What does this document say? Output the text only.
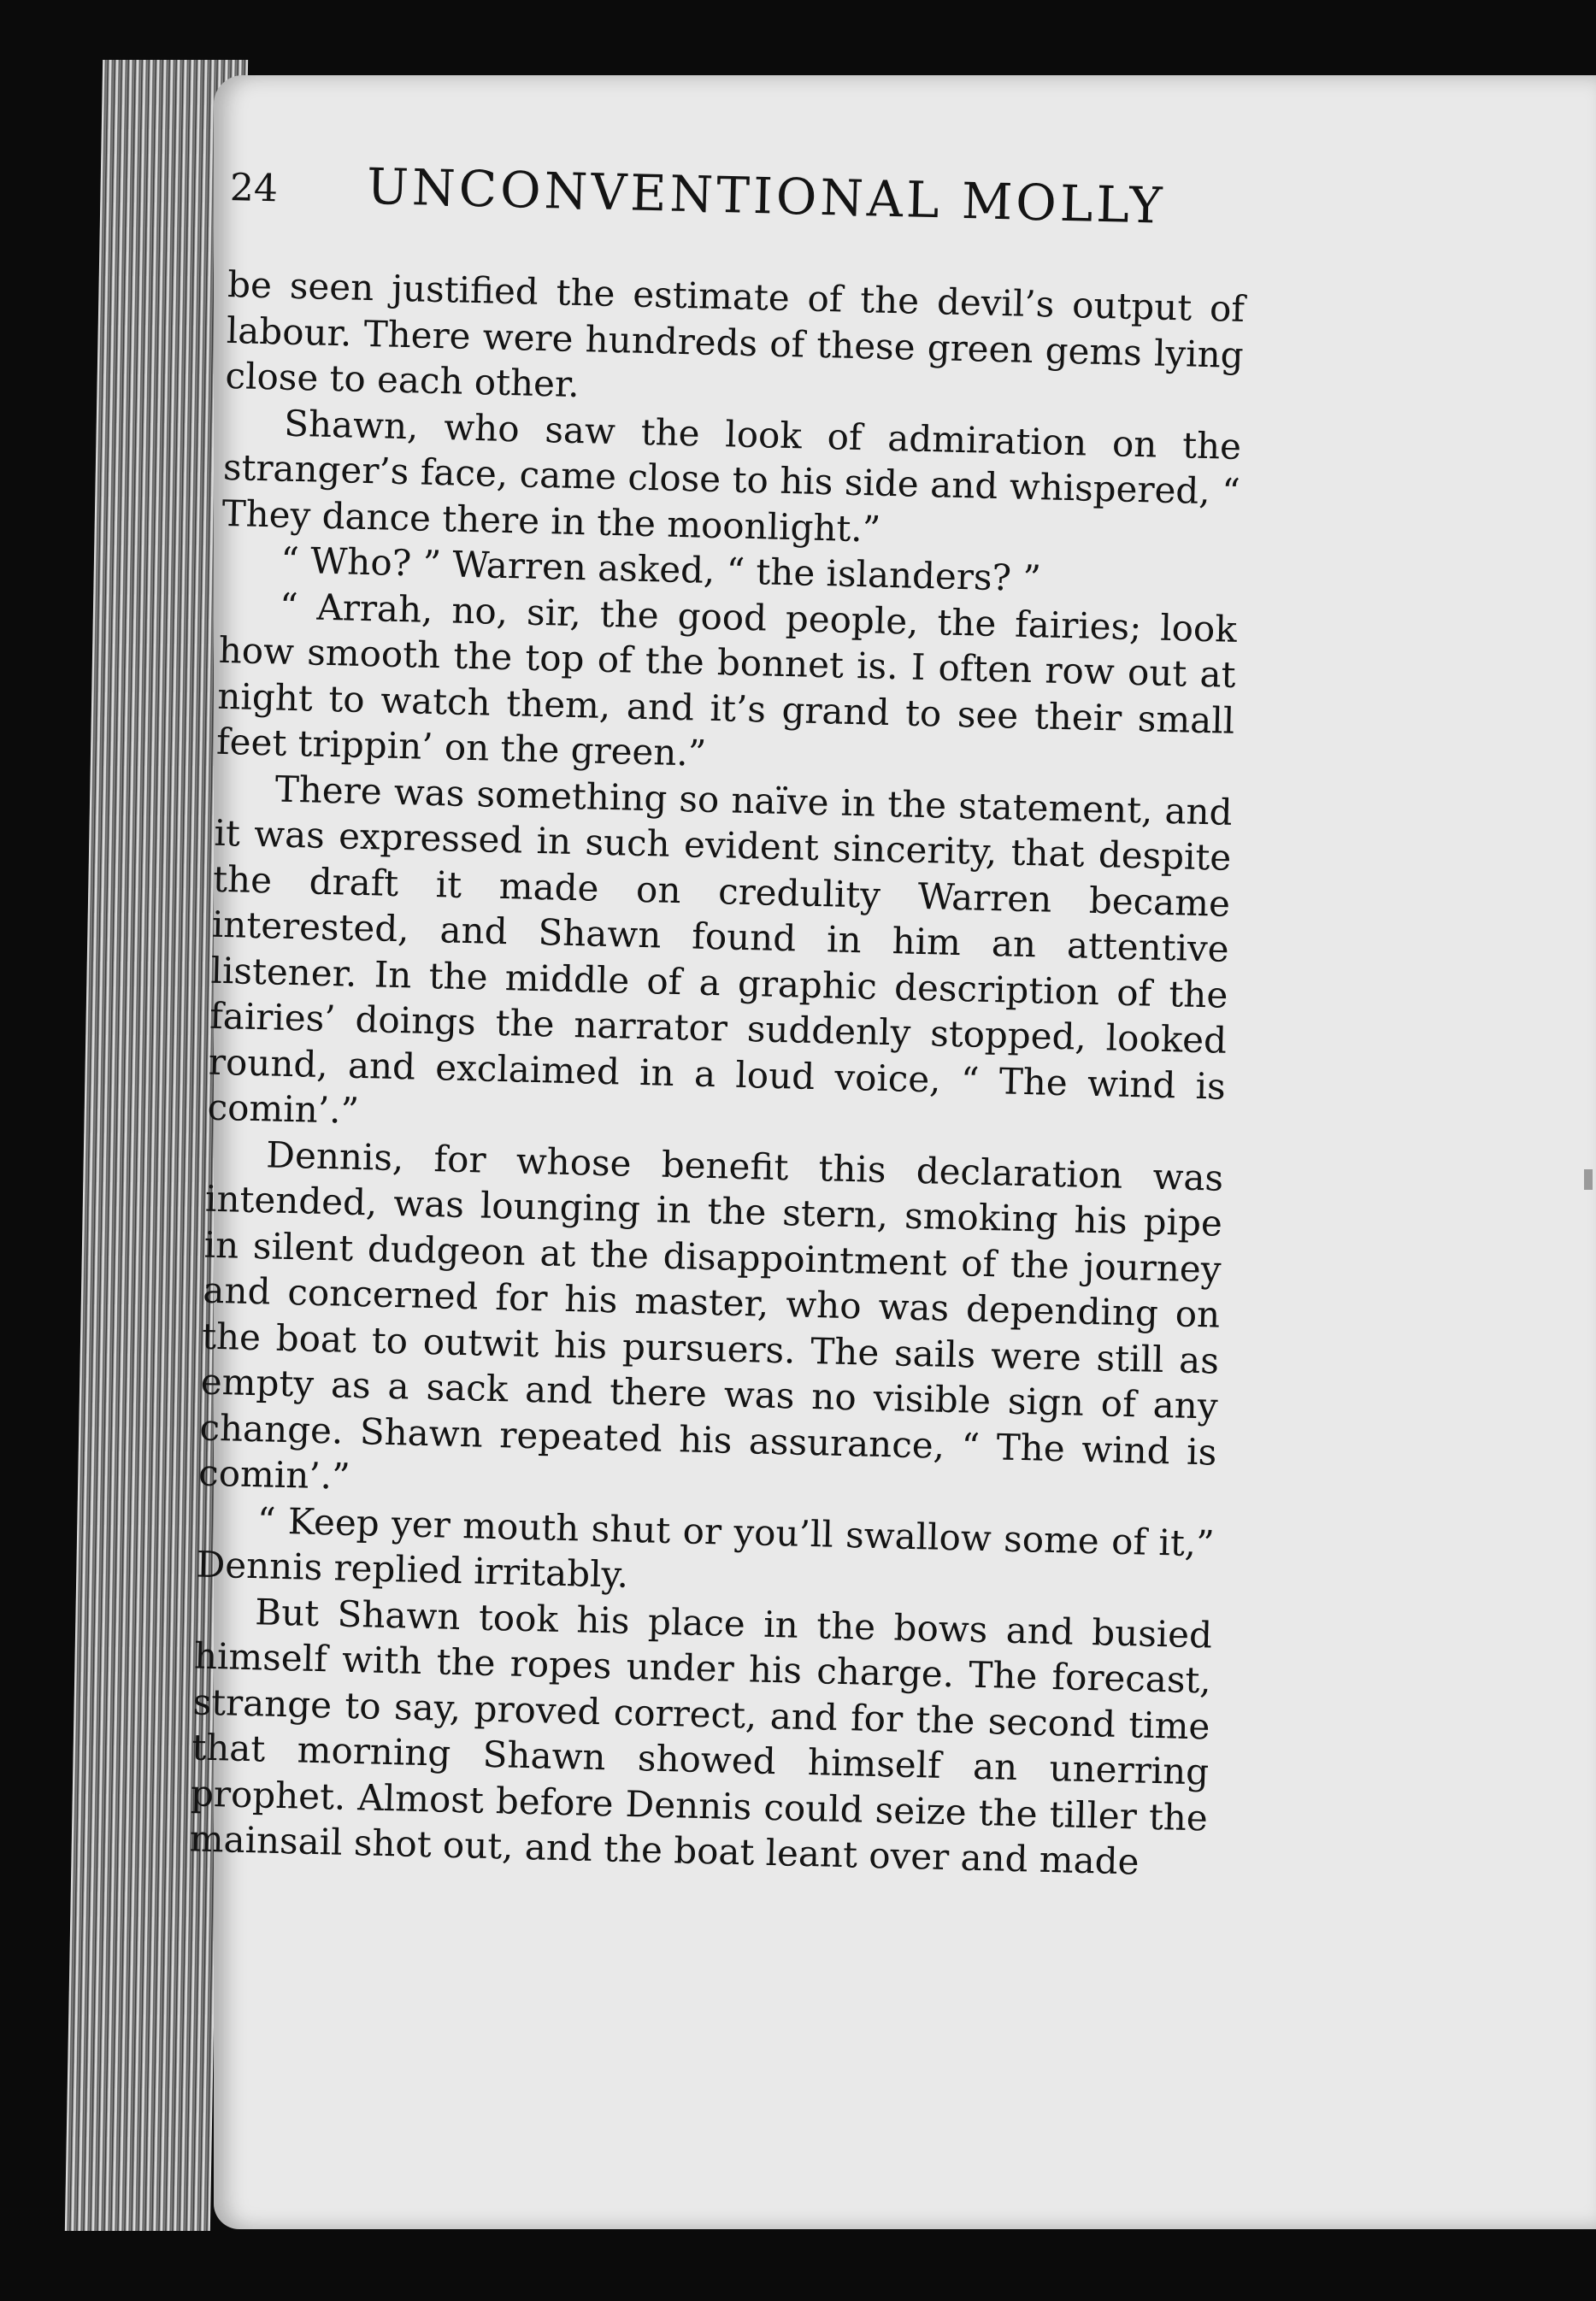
24	UNCONVENTIONAL MOLLY

be seen justified the estimate of the devil’s output of labour. There were hundreds of these green gems lying close to each other.

Shawn, who saw the look of admiration on the stranger’s face, came close to his side and whispered, “ They dance there in the moonlight.”

“ Who? ” Warren asked, “ the islanders? ”

“ Arrah, no, sir, the good people, the fairies; look how smooth the top of the bonnet is. I often row out at night to watch them, and it’s grand to see their small feet trippin’ on the green.”

There was something so naïve in the statement, and it was expressed in such evident sincerity, that despite the draft it made on credulity Warren became interested, and Shawn found in him an attentive listener. In the middle of a graphic description of the fairies’ doings the narrator suddenly stopped, looked round, and exclaimed in a loud voice, “ The wind is comin’.”

Dennis, for whose benefit this declaration was intended, was lounging in the stern, smoking his pipe in silent dudgeon at the disappointment of the journey and concerned for his master, who was depending on the boat to outwit his pursuers. The sails were still as empty as a sack and there was no visible sign of any change. Shawn repeated his assurance, “ The wind is comin’.”

“ Keep yer mouth shut or you’ll swallow some of it,” Dennis replied irritably.

But Shawn took his place in the bows and busied himself with the ropes under his charge. The forecast, strange to say, proved correct, and for the second time that morning Shawn showed himself an unerring prophet. Almost before Dennis could seize the tiller the mainsail shot out, and the boat leant over and made
